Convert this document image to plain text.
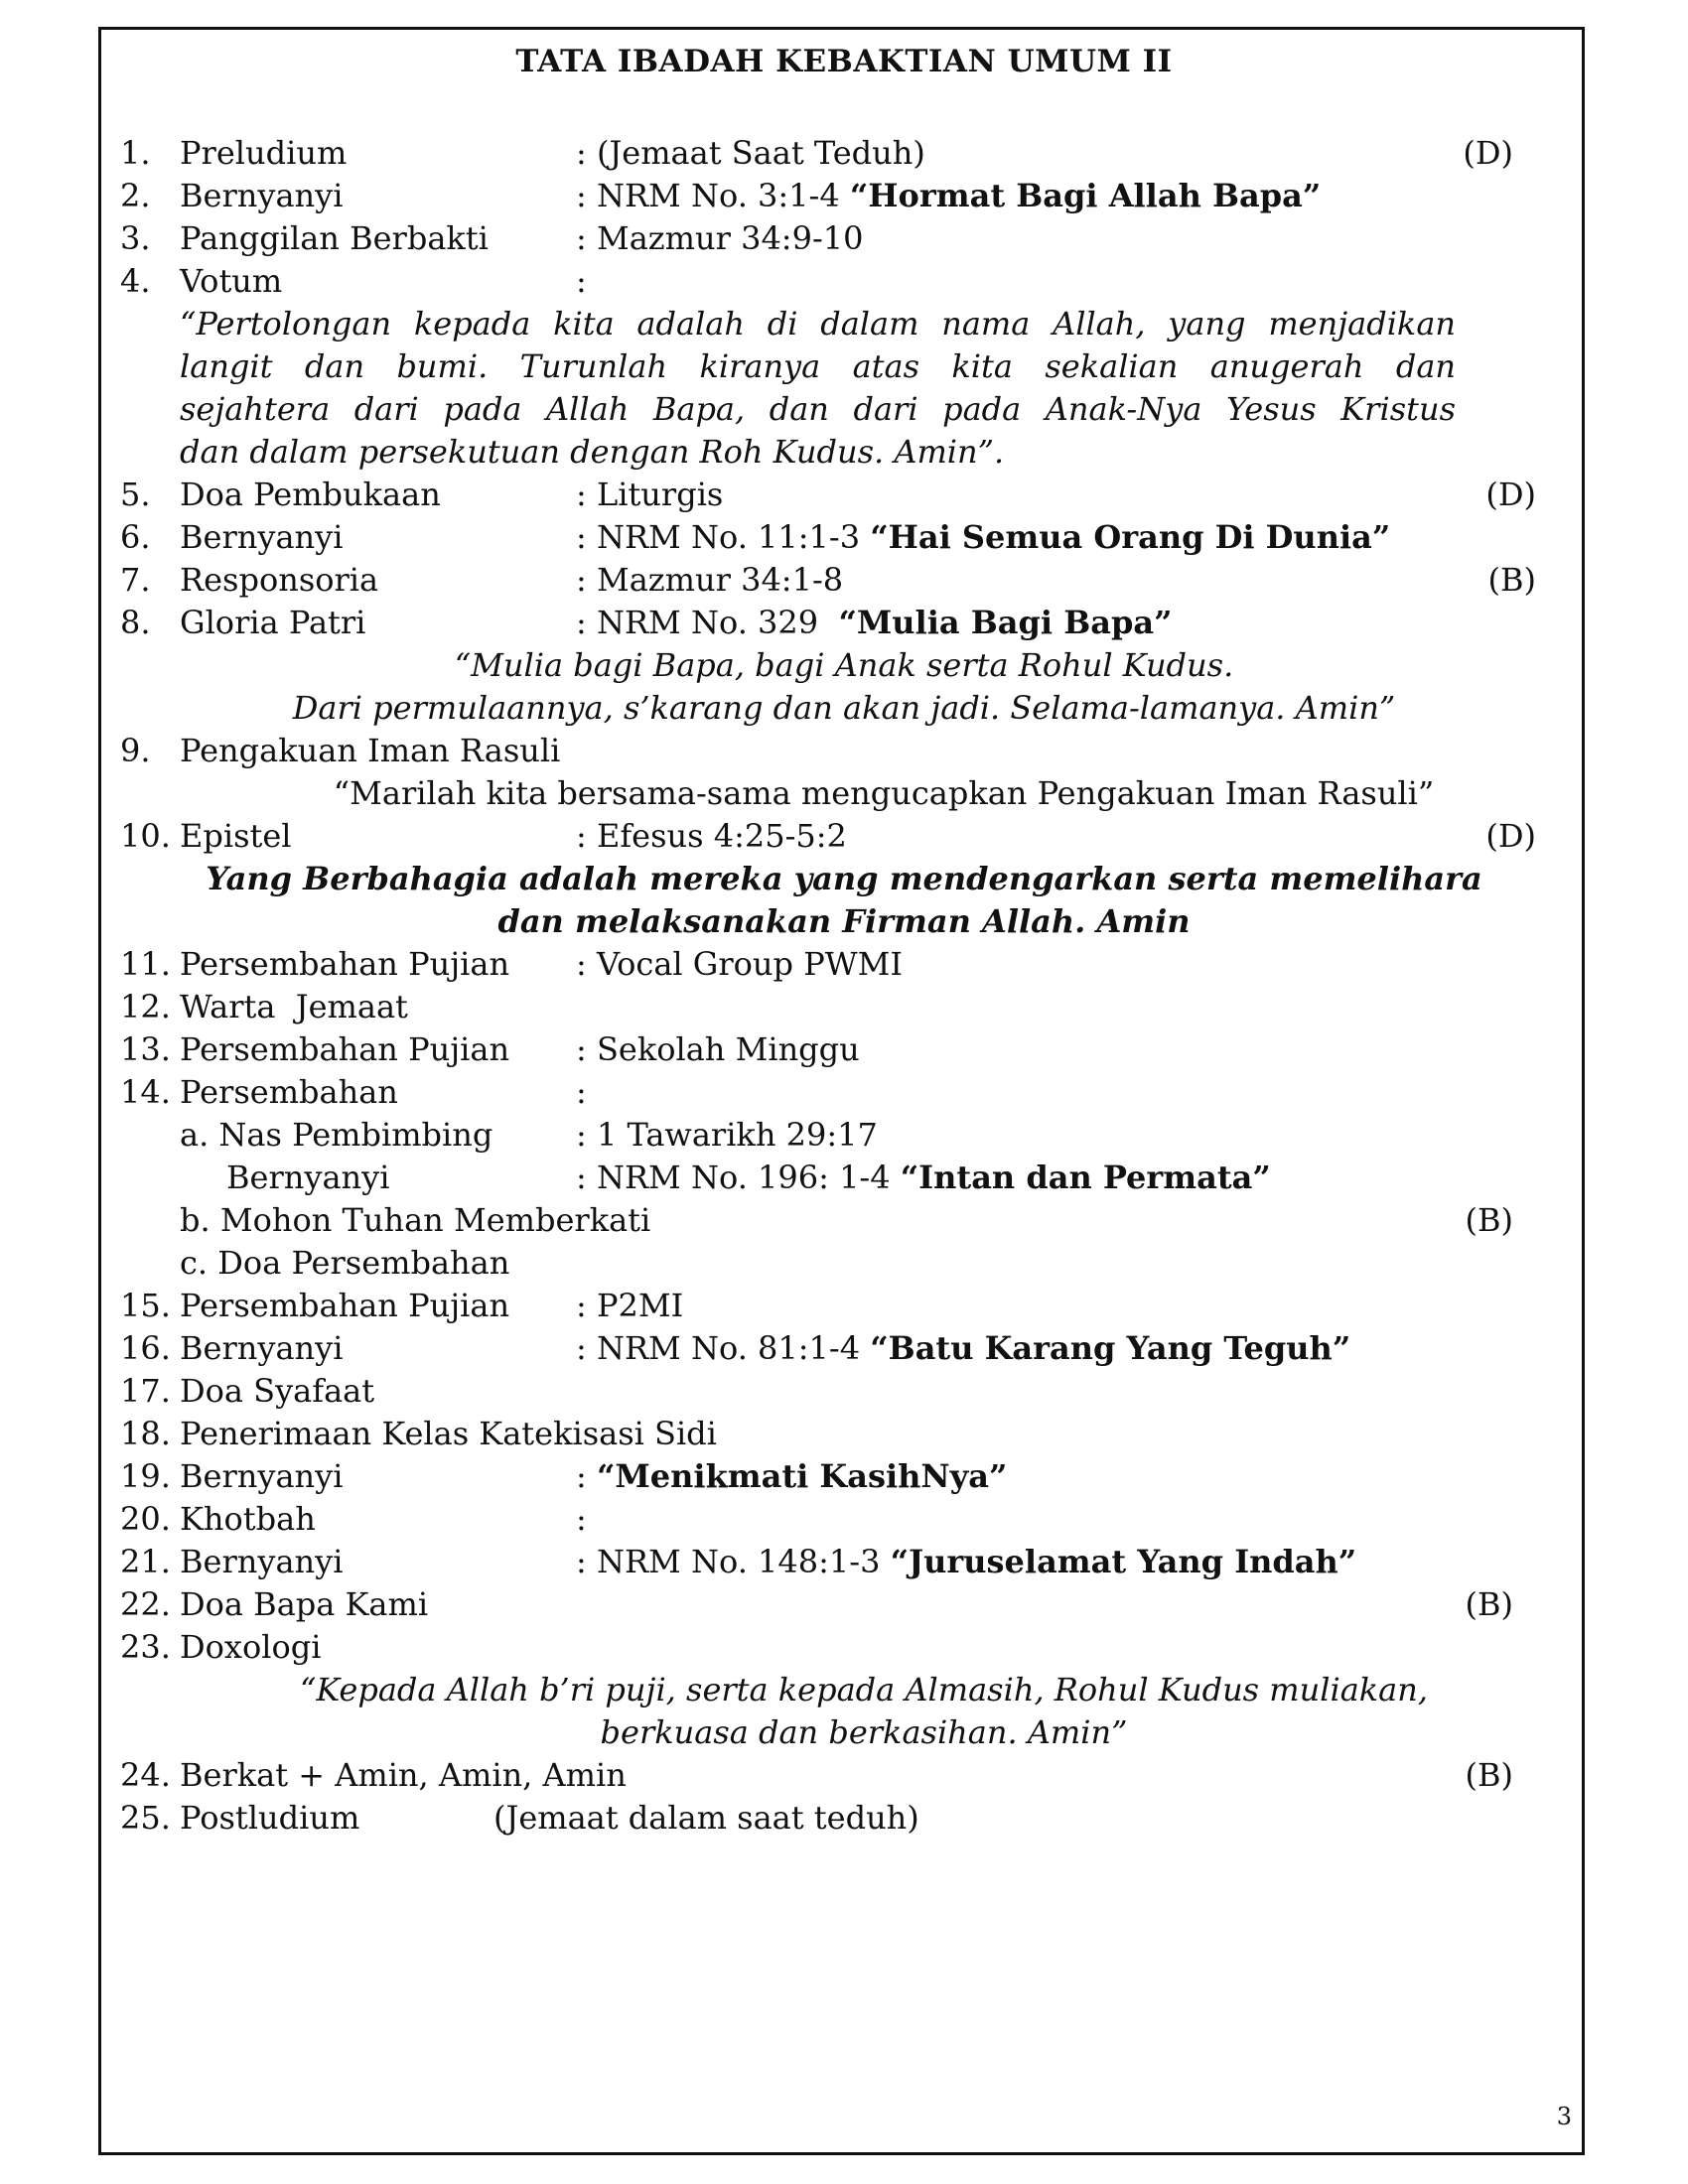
TATA IBADAH KEBAKTIAN UMUM II
1. Preludium	: (Jemaat Saat Teduh)	(D)
2. Bernyanyi	: NRM No. 3:1-4 “Hormat Bagi Allah Bapa”
3. Panggilan Berbakti	: Mazmur 34:9-10
4. Votum	:
“Pertolongan kepada kita adalah di dalam nama Allah, yang menjadikan
langit dan bumi. Turunlah kiranya atas kita sekalian anugerah dan
sejahtera dari pada Allah Bapa, dan dari pada Anak-Nya Yesus Kristus
dan dalam persekutuan dengan Roh Kudus. Amin”.
5. Doa Pembukaan	: Liturgis	(D)
6. Bernyanyi	: NRM No. 11:1-3 “Hai Semua Orang Di Dunia”
7. Responsoria	: Mazmur 34:1-8	(B)
8. Gloria Patri	: NRM No. 329  “Mulia Bagi Bapa”
“Mulia bagi Bapa, bagi Anak serta Rohul Kudus.
Dari permulaannya, s’karang dan akan jadi. Selama-lamanya. Amin”
9. Pengakuan Iman Rasuli
“Marilah kita bersama-sama mengucapkan Pengakuan Iman Rasuli”
10. Epistel	: Efesus 4:25-5:2	(D)
Yang Berbahagia adalah mereka yang mendengarkan serta memelihara
dan melaksanakan Firman Allah. Amin
11. Persembahan Pujian : Vocal Group PWMI
12. Warta  Jemaat
13. Persembahan Pujian : Sekolah Minggu
14. Persembahan	:
a. Nas Pembimbing	: 1 Tawarikh 29:17
Bernyanyi	: NRM No. 196: 1-4 “Intan dan Permata”
b. Mohon Tuhan Memberkati	(B)
c. Doa Persembahan
15. Persembahan Pujian : P2MI
16. Bernyanyi	: NRM No. 81:1-4 “Batu Karang Yang Teguh”
17. Doa Syafaat
18. Penerimaan Kelas Katekisasi Sidi
19. Bernyanyi	: “Menikmati KasihNya”
20. Khotbah	:
21. Bernyanyi	: NRM No. 148:1-3 “Juruselamat Yang Indah”
22. Doa Bapa Kami	(B)
23. Doxologi
“Kepada Allah b’ri puji, serta kepada Almasih, Rohul Kudus muliakan,
berkuasa dan berkasihan. Amin”
24. Berkat + Amin, Amin, Amin	(B)
25. Postludium	(Jemaat dalam saat teduh)
3
